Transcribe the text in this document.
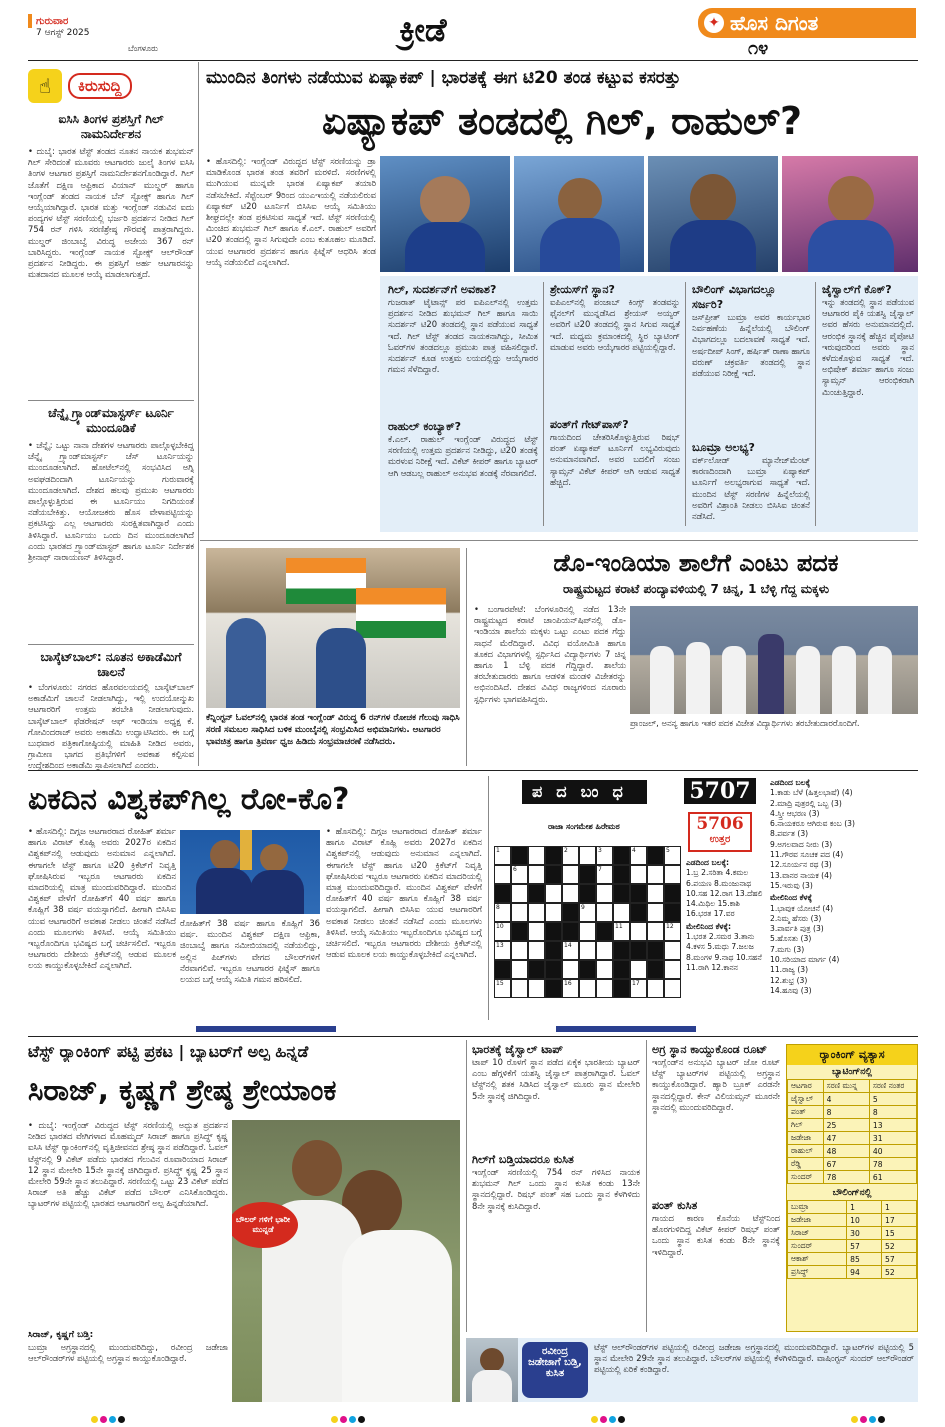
ಗುರುವಾರ
7 ಆಗಸ್ಟ್ 2025
ಬೆಂಗಳೂರು	ಕ್ರೀಡೆ	✦ ಹೊಸ ದಿಗಂತ
೧೪
☝	ಕಿರುಸುದ್ದಿ
ಐಸಿಸಿ ತಿಂಗಳ ಪ್ರಶಸ್ತಿಗೆ ಗಿಲ್ ನಾಮನಿರ್ದೇಶನ
• ದುಬೈ: ಭಾರತ ಟೆಸ್ಟ್ ತಂಡದ ನೂತನ ನಾಯಕ ಶುಭಮನ್ ಗಿಲ್ ಸೇರಿದಂತೆ ಮೂವರು ಆಟಗಾರರು ಜುಲೈ ತಿಂಗಳ ಐಸಿಸಿ ತಿಂಗಳ ಆಟಗಾರ ಪ್ರಶಸ್ತಿಗೆ ನಾಮನಿರ್ದೇಶನಗೊಂಡಿದ್ದಾರೆ. ಗಿಲ್ ಜೊತೆಗೆ ದಕ್ಷಿಣ ಆಫ್ರಿಕಾದ ವಿಯಾನ್ ಮುಲ್ಡರ್ ಹಾಗೂ ಇಂಗ್ಲೆಂಡ್ ತಂಡದ ನಾಯಕ ಬೆನ್ ಸ್ಟೋಕ್ಸ್ ಹಾಗೂ ಗಿಲ್ ಆಯ್ಕೆಯಾಗಿದ್ದಾರೆ. ಭಾರತ ಮತ್ತು ಇಂಗ್ಲೆಂಡ್ ನಡುವಿನ ಐದು ಪಂದ್ಯಗಳ ಟೆಸ್ಟ್ ಸರಣಿಯಲ್ಲಿ ಭರ್ಜರಿ ಪ್ರದರ್ಶನ ನೀಡಿದ ಗಿಲ್ 754 ರನ್ ಗಳಿಸಿ ಸರಣಿಶ್ರೇಷ್ಠ ಗೌರವಕ್ಕೆ ಪಾತ್ರರಾಗಿದ್ದರು. ಮುಲ್ಡರ್ ಜಿಂಬಾಬ್ವೆ ವಿರುದ್ಧ ಅಜೇಯ 367 ರನ್ ಬಾರಿಸಿದ್ದರು. ಇಂಗ್ಲೆಂಡ್ ನಾಯಕ ಸ್ಟೋಕ್ಸ್ ಆಲ್‌ರೌಂಡ್ ಪ್ರದರ್ಶನ ನೀಡಿದ್ದರು. ಈ ಪ್ರಶಸ್ತಿಗೆ ಅರ್ಹ ಆಟಗಾರನನ್ನು ಮತದಾನದ ಮೂಲಕ ಆಯ್ಕೆ ಮಾಡಲಾಗುತ್ತದೆ.
ಚೆನ್ನೈ ಗ್ರ್ಯಾಂಡ್‌ಮಾಸ್ಟರ್ಸ್ ಟೂರ್ನಿ ಮುಂದೂಡಿಕೆ
• ಚೆನ್ನೈ: ಒಟ್ಟು ನಾನಾ ದೇಶಗಳ ಆಟಗಾರರು ಪಾಲ್ಗೊಳ್ಳಬೇಕಿದ್ದ ಚೆನ್ನೈ ಗ್ರ್ಯಾಂಡ್‌ಮಾಸ್ಟರ್ಸ್ ಚೆಸ್ ಟೂರ್ನಿಯನ್ನು ಮುಂದೂಡಲಾಗಿದೆ. ಹೋಟೆಲ್‌ನಲ್ಲಿ ಸಂಭವಿಸಿದ ಅಗ್ನಿ ಅವಘಡದಿಂದಾಗಿ ಟೂರ್ನಿಯನ್ನು ಗುರುವಾರಕ್ಕೆ ಮುಂದೂಡಲಾಗಿದೆ. ದೇಶದ ಹಲವು ಪ್ರಮುಖ ಆಟಗಾರರು ಪಾಲ್ಗೊಳ್ಳುತ್ತಿರುವ ಈ ಟೂರ್ನಿಯು ನಿಗದಿಯಂತೆ ನಡೆಯಬೇಕಿತ್ತು. ಆಯೋಜಕರು ಹೊಸ ವೇಳಾಪಟ್ಟಿಯನ್ನು ಪ್ರಕಟಿಸಿದ್ದು ಎಲ್ಲ ಆಟಗಾರರು ಸುರಕ್ಷಿತವಾಗಿದ್ದಾರೆ ಎಂದು ತಿಳಿಸಿದ್ದಾರೆ. ಟೂರ್ನಿಯು ಒಂದು ದಿನ ಮುಂದೂಡಲಾಗಿದೆ ಎಂದು ಭಾರತದ ಗ್ರ್ಯಾಂಡ್‌ಮಾಸ್ಟರ್ ಹಾಗೂ ಟೂರ್ನಿ ನಿರ್ದೇಶಕ ಶ್ರೀನಾಥ್ ನಾರಾಯಣನ್ ತಿಳಿಸಿದ್ದಾರೆ.
ಬಾಸ್ಕೆಟ್‌ಬಾಲ್: ನೂತನ ಅಕಾಡೆಮಿಗೆ ಚಾಲನೆ
• ಬೆಂಗಳೂರು: ನಗರದ ಹೊರವಲಯದಲ್ಲಿ ಬಾಸ್ಕೆಟ್‌ಬಾಲ್ ಅಕಾಡೆಮಿಗೆ ಚಾಲನೆ ನೀಡಲಾಗಿದ್ದು, ಇಲ್ಲಿ ಉದಯೋನ್ಮುಖ ಆಟಗಾರರಿಗೆ ಉತ್ತಮ ತರಬೇತಿ ನೀಡಲಾಗುವುದು. ಬಾಸ್ಕೆಟ್‌ಬಾಲ್ ಫೆಡರೇಷನ್ ಆಫ್ ಇಂಡಿಯಾ ಅಧ್ಯಕ್ಷ ಕೆ. ಗೋವಿಂದರಾಜ್ ಅವರು ಅಕಾಡೆಮಿ ಉದ್ಘಾಟಿಸಿದರು. ಈ ಬಗ್ಗೆ ಬುಧವಾರ ಪತ್ರಿಕಾಗೋಷ್ಠಿಯಲ್ಲಿ ಮಾಹಿತಿ ನೀಡಿದ ಅವರು, ಗ್ರಾಮೀಣ ಭಾಗದ ಪ್ರತಿಭೆಗಳಿಗೆ ಅವಕಾಶ ಕಲ್ಪಿಸುವ ಉದ್ದೇಶದಿಂದ ಅಕಾಡೆಮಿ ಸ್ಥಾಪಿಸಲಾಗಿದೆ ಎಂದರು.
ಮುಂದಿನ ತಿಂಗಳು ನಡೆಯುವ ಏಷ್ಯಾಕಪ್ | ಭಾರತಕ್ಕೆ ಈಗ ಟಿ20 ತಂಡ ಕಟ್ಟುವ ಕಸರತ್ತು
ಏಷ್ಯಾಕಪ್ ತಂಡದಲ್ಲಿ ಗಿಲ್, ರಾಹುಲ್?
• ಹೊಸದಿಲ್ಲಿ: ಇಂಗ್ಲೆಂಡ್ ವಿರುದ್ಧದ ಟೆಸ್ಟ್ ಸರಣಿಯನ್ನು ಡ್ರಾ ಮಾಡಿಕೊಂಡ ಭಾರತ ತಂಡ ತವರಿಗೆ ಮರಳಿದೆ. ಸರಣಿಗಳಲ್ಲಿ ಮುಗಿಯುವ ಮುನ್ನವೇ ಭಾರತ ಏಷ್ಯಾಕಪ್ ತಯಾರಿ ನಡೆಸಬೇಕಿದೆ. ಸೆಪ್ಟೆಂಬರ್ 9ರಿಂದ ಯುಎಇಯಲ್ಲಿ ನಡೆಯಲಿರುವ ಏಷ್ಯಾಕಪ್ ಟಿ20 ಟೂರ್ನಿಗೆ ಬಿಸಿಸಿಐ ಆಯ್ಕೆ ಸಮಿತಿಯು ಶೀಘ್ರದಲ್ಲೇ ತಂಡ ಪ್ರಕಟಿಸುವ ಸಾಧ್ಯತೆ ಇದೆ. ಟೆಸ್ಟ್ ಸರಣಿಯಲ್ಲಿ ಮಿಂಚಿದ ಶುಭಮನ್ ಗಿಲ್ ಹಾಗೂ ಕೆ.ಎಲ್. ರಾಹುಲ್ ಅವರಿಗೆ ಟಿ20 ತಂಡದಲ್ಲಿ ಸ್ಥಾನ ಸಿಗುವುದೇ ಎಂಬ ಕುತೂಹಲ ಮೂಡಿದೆ. ಯುವ ಆಟಗಾರರ ಪ್ರದರ್ಶನ ಹಾಗೂ ಫಿಟ್ನೆಸ್ ಆಧರಿಸಿ ತಂಡ ಆಯ್ಕೆ ನಡೆಯಲಿದೆ ಎನ್ನಲಾಗಿದೆ.
ಗಿಲ್, ಸುದರ್ಶನ್‌ಗೆ ಅವಕಾಶ?
ಗುಜರಾತ್ ಟೈಟಾನ್ಸ್ ಪರ ಐಪಿಎಲ್‌ನಲ್ಲಿ ಉತ್ತಮ ಪ್ರದರ್ಶನ ನೀಡಿದ ಶುಭಮನ್ ಗಿಲ್ ಹಾಗೂ ಸಾಯಿ ಸುದರ್ಶನ್ ಟಿ20 ತಂಡದಲ್ಲಿ ಸ್ಥಾನ ಪಡೆಯುವ ಸಾಧ್ಯತೆ ಇದೆ. ಗಿಲ್ ಟೆಸ್ಟ್ ತಂಡದ ನಾಯಕನಾಗಿದ್ದು, ಸೀಮಿತ ಓವರ್‌ಗಳ ತಂಡದಲ್ಲೂ ಪ್ರಮುಖ ಪಾತ್ರ ವಹಿಸಲಿದ್ದಾರೆ. ಸುದರ್ಶನ್ ಕೂಡ ಉತ್ತಮ ಲಯದಲ್ಲಿದ್ದು ಆಯ್ಕೆಗಾರರ ಗಮನ ಸೆಳೆದಿದ್ದಾರೆ.
ರಾಹುಲ್ ಕಂಬ್ಯಾಕ್?
ಕೆ.ಎಲ್. ರಾಹುಲ್ ಇಂಗ್ಲೆಂಡ್ ವಿರುದ್ಧದ ಟೆಸ್ಟ್ ಸರಣಿಯಲ್ಲಿ ಉತ್ತಮ ಪ್ರದರ್ಶನ ನೀಡಿದ್ದು, ಟಿ20 ತಂಡಕ್ಕೆ ಮರಳುವ ನಿರೀಕ್ಷೆ ಇದೆ. ವಿಕೆಟ್ ಕೀಪರ್ ಹಾಗೂ ಬ್ಯಾಟರ್ ಆಗಿ ಆಡಬಲ್ಲ ರಾಹುಲ್ ಅನುಭವ ತಂಡಕ್ಕೆ ನೆರವಾಗಲಿದೆ.
ಶ್ರೇಯಸ್‌ಗೆ ಸ್ಥಾನ?
ಐಪಿಎಲ್‌ನಲ್ಲಿ ಪಂಜಾಬ್ ಕಿಂಗ್ಸ್ ತಂಡವನ್ನು ಫೈನಲ್‌ಗೆ ಮುನ್ನಡೆಸಿದ ಶ್ರೇಯಸ್ ಅಯ್ಯರ್ ಅವರಿಗೆ ಟಿ20 ತಂಡದಲ್ಲಿ ಸ್ಥಾನ ಸಿಗುವ ಸಾಧ್ಯತೆ ಇದೆ. ಮಧ್ಯಮ ಕ್ರಮಾಂಕದಲ್ಲಿ ಸ್ಥಿರ ಬ್ಯಾಟಿಂಗ್ ಮಾಡುವ ಅವರು ಆಯ್ಕೆಗಾರರ ಪಟ್ಟಿಯಲ್ಲಿದ್ದಾರೆ.
ಪಂತ್‌ಗೆ ಗೇಟ್‌ಪಾಸ್?
ಗಾಯದಿಂದ ಚೇತರಿಸಿಕೊಳ್ಳುತ್ತಿರುವ ರಿಷಭ್ ಪಂತ್ ಏಷ್ಯಾಕಪ್ ಟೂರ್ನಿಗೆ ಲಭ್ಯವಿರುವುದು ಅನುಮಾನವಾಗಿದೆ. ಅವರ ಬದಲಿಗೆ ಸಂಜು ಸ್ಯಾಮ್ಸನ್ ವಿಕೆಟ್ ಕೀಪರ್ ಆಗಿ ಆಡುವ ಸಾಧ್ಯತೆ ಹೆಚ್ಚಿದೆ.
ಬೌಲಿಂಗ್ ವಿಭಾಗದಲ್ಲೂ ಸರ್ಜರಿ?
ಜಸ್‌ಪ್ರೀತ್ ಬುಮ್ರಾ ಅವರ ಕಾರ್ಯಭಾರ ನಿರ್ವಹಣೆಯ ಹಿನ್ನೆಲೆಯಲ್ಲಿ ಬೌಲಿಂಗ್ ವಿಭಾಗದಲ್ಲೂ ಬದಲಾವಣೆ ಸಾಧ್ಯತೆ ಇದೆ. ಅರ್ಷದೀಪ್ ಸಿಂಗ್, ಹರ್ಷಿತ್ ರಾಣಾ ಹಾಗೂ ವರುಣ್ ಚಕ್ರವರ್ತಿ ತಂಡದಲ್ಲಿ ಸ್ಥಾನ ಪಡೆಯುವ ನಿರೀಕ್ಷೆ ಇದೆ.
ಬೂಮ್ರಾ ಅಲಭ್ಯ?
ವರ್ಕ್‌ಲೋಡ್ ಮ್ಯಾನೇಜ್‌ಮೆಂಟ್ ಕಾರಣದಿಂದಾಗಿ ಬುಮ್ರಾ ಏಷ್ಯಾಕಪ್ ಟೂರ್ನಿಗೆ ಅಲಭ್ಯರಾಗುವ ಸಾಧ್ಯತೆ ಇದೆ. ಮುಂದಿನ ಟೆಸ್ಟ್ ಸರಣಿಗಳ ಹಿನ್ನೆಲೆಯಲ್ಲಿ ಅವರಿಗೆ ವಿಶ್ರಾಂತಿ ನೀಡಲು ಬಿಸಿಸಿಐ ಚಿಂತನೆ ನಡೆಸಿದೆ.
ಜೈಸ್ವಾಲ್‌ಗೆ ಕೊಕ್?
ಇನ್ನು ತಂಡದಲ್ಲಿ ಸ್ಥಾನ ಪಡೆಯುವ ಆಟಗಾರರ ಪೈಕಿ ಯಶಸ್ವಿ ಜೈಸ್ವಾಲ್ ಅವರ ಹೆಸರು ಅನುಮಾನದಲ್ಲಿದೆ. ಆರಂಭಿಕ ಸ್ಥಾನಕ್ಕೆ ಹೆಚ್ಚಿನ ಪೈಪೋಟಿ ಇರುವುದರಿಂದ ಅವರು ಸ್ಥಾನ ಕಳೆದುಕೊಳ್ಳುವ ಸಾಧ್ಯತೆ ಇದೆ. ಅಭಿಷೇಕ್ ಶರ್ಮಾ ಹಾಗೂ ಸಂಜು ಸ್ಯಾಮ್ಸನ್ ಆರಂಭಿಕರಾಗಿ ಮಿಂಚುತ್ತಿದ್ದಾರೆ.
ಕೆನ್ನಿಂಗ್ಟನ್ ಓವಲ್‌ನಲ್ಲಿ ಭಾರತ ತಂಡ ಇಂಗ್ಲೆಂಡ್ ವಿರುದ್ಧ 6 ರನ್‌ಗಳ ರೋಚಕ ಗೆಲುವು ಸಾಧಿಸಿ ಸರಣಿ ಸಮಬಲ ಸಾಧಿಸಿದ ಬಳಿಕ ಮುಂಬೈನಲ್ಲಿ ಸಂಭ್ರಮಿಸಿದ ಅಭಿಮಾನಿಗಳು. ಆಟಗಾರರ ಭಾವಚಿತ್ರ ಹಾಗೂ ತ್ರಿವರ್ಣ ಧ್ವಜ ಹಿಡಿದು ಸಂಭ್ರಮಾಚರಣೆ ನಡೆಸಿದರು.
ಡೊ-ಇಂಡಿಯಾ ಶಾಲೆಗೆ ಎಂಟು ಪದಕ
ರಾಷ್ಟ್ರಮಟ್ಟದ ಕರಾಟೆ ಪಂದ್ಯಾವಳಿಯಲ್ಲಿ 7 ಚಿನ್ನ, 1 ಬೆಳ್ಳಿ ಗೆದ್ದ ಮಕ್ಕಳು
• ಬಂಗಾರಪೇಟೆ: ಬೆಂಗಳೂರಿನಲ್ಲಿ ನಡೆದ 13ನೇ ರಾಷ್ಟ್ರಮಟ್ಟದ ಕರಾಟೆ ಚಾಂಪಿಯನ್‌ಷಿಪ್‌ನಲ್ಲಿ ಡೊ-ಇಂಡಿಯಾ ಶಾಲೆಯ ಮಕ್ಕಳು ಒಟ್ಟು ಎಂಟು ಪದಕ ಗೆದ್ದು ಸಾಧನೆ ಮೆರೆದಿದ್ದಾರೆ. ವಿವಿಧ ವಯೋಮಿತಿ ಹಾಗೂ ತೂಕದ ವಿಭಾಗಗಳಲ್ಲಿ ಸ್ಪರ್ಧಿಸಿದ ವಿದ್ಯಾರ್ಥಿಗಳು 7 ಚಿನ್ನ ಹಾಗೂ 1 ಬೆಳ್ಳಿ ಪದಕ ಗೆದ್ದಿದ್ದಾರೆ. ಶಾಲೆಯ ತರಬೇತುದಾರರು ಹಾಗೂ ಆಡಳಿತ ಮಂಡಳಿ ವಿಜೇತರನ್ನು ಅಭಿನಂದಿಸಿದೆ. ದೇಶದ ವಿವಿಧ ರಾಜ್ಯಗಳಿಂದ ನೂರಾರು ಸ್ಪರ್ಧಿಗಳು ಭಾಗವಹಿಸಿದ್ದರು.
ಪ್ರಾಂಜಲ್, ಅನನ್ಯ ಹಾಗೂ ಇತರ ಪದಕ ವಿಜೇತ ವಿದ್ಯಾರ್ಥಿಗಳು ತರಬೇತುದಾರರೊಂದಿಗೆ.
ಏಕದಿನ ವಿಶ್ವಕಪ್‌ಗಿಲ್ಲ ರೋ-ಕೊ?
• ಹೊಸದಿಲ್ಲಿ: ದಿಗ್ಗಜ ಆಟಗಾರರಾದ ರೋಹಿತ್ ಶರ್ಮಾ ಹಾಗೂ ವಿರಾಟ್ ಕೊಹ್ಲಿ ಅವರು 2027ರ ಏಕದಿನ ವಿಶ್ವಕಪ್‌ನಲ್ಲಿ ಆಡುವುದು ಅನುಮಾನ ಎನ್ನಲಾಗಿದೆ. ಈಗಾಗಲೇ ಟೆಸ್ಟ್ ಹಾಗೂ ಟಿ20 ಕ್ರಿಕೆಟ್‌ಗೆ ನಿವೃತ್ತಿ ಘೋಷಿಸಿರುವ ಇಬ್ಬರೂ ಆಟಗಾರರು ಏಕದಿನ ಮಾದರಿಯಲ್ಲಿ ಮಾತ್ರ ಮುಂದುವರಿದಿದ್ದಾರೆ. ಮುಂದಿನ ವಿಶ್ವಕಪ್ ವೇಳೆಗೆ ರೋಹಿತ್‌ಗೆ 40 ವರ್ಷ ಹಾಗೂ ಕೊಹ್ಲಿಗೆ 38 ವರ್ಷ ವಯಸ್ಸಾಗಲಿದೆ. ಹೀಗಾಗಿ ಬಿಸಿಸಿಐ ಯುವ ಆಟಗಾರರಿಗೆ ಅವಕಾಶ ನೀಡಲು ಚಿಂತನೆ ನಡೆಸಿದೆ ಎಂದು ಮೂಲಗಳು ತಿಳಿಸಿವೆ. ಆಯ್ಕೆ ಸಮಿತಿಯು ಇಬ್ಬರೊಂದಿಗೂ ಭವಿಷ್ಯದ ಬಗ್ಗೆ ಚರ್ಚಿಸಲಿದೆ. ಇಬ್ಬರೂ ಆಟಗಾರರು ದೇಶೀಯ ಕ್ರಿಕೆಟ್‌ನಲ್ಲಿ ಆಡುವ ಮೂಲಕ ಲಯ ಕಾಯ್ದುಕೊಳ್ಳಬೇಕಿದೆ ಎನ್ನಲಾಗಿದೆ.
ರೋಹಿತ್‌ಗೆ 38 ವರ್ಷ ಹಾಗೂ ಕೊಹ್ಲಿಗೆ 36 ವರ್ಷ. ಮುಂದಿನ ವಿಶ್ವಕಪ್ ದಕ್ಷಿಣ ಆಫ್ರಿಕಾ, ಜಿಂಬಾಬ್ವೆ ಹಾಗೂ ನಮೀಬಿಯಾದಲ್ಲಿ ನಡೆಯಲಿದ್ದು, ಅಲ್ಲಿನ ಪಿಚ್‌ಗಳು ವೇಗದ ಬೌಲರ್‌ಗಳಿಗೆ ನೆರವಾಗಲಿವೆ. ಇಬ್ಬರೂ ಆಟಗಾರರ ಫಿಟ್ನೆಸ್ ಹಾಗೂ ಲಯದ ಬಗ್ಗೆ ಆಯ್ಕೆ ಸಮಿತಿ ಗಮನ ಹರಿಸಲಿದೆ.
• ಹೊಸದಿಲ್ಲಿ: ದಿಗ್ಗಜ ಆಟಗಾರರಾದ ರೋಹಿತ್ ಶರ್ಮಾ ಹಾಗೂ ವಿರಾಟ್ ಕೊಹ್ಲಿ ಅವರು 2027ರ ಏಕದಿನ ವಿಶ್ವಕಪ್‌ನಲ್ಲಿ ಆಡುವುದು ಅನುಮಾನ ಎನ್ನಲಾಗಿದೆ. ಈಗಾಗಲೇ ಟೆಸ್ಟ್ ಹಾಗೂ ಟಿ20 ಕ್ರಿಕೆಟ್‌ಗೆ ನಿವೃತ್ತಿ ಘೋಷಿಸಿರುವ ಇಬ್ಬರೂ ಆಟಗಾರರು ಏಕದಿನ ಮಾದರಿಯಲ್ಲಿ ಮಾತ್ರ ಮುಂದುವರಿದಿದ್ದಾರೆ. ಮುಂದಿನ ವಿಶ್ವಕಪ್ ವೇಳೆಗೆ ರೋಹಿತ್‌ಗೆ 40 ವರ್ಷ ಹಾಗೂ ಕೊಹ್ಲಿಗೆ 38 ವರ್ಷ ವಯಸ್ಸಾಗಲಿದೆ. ಹೀಗಾಗಿ ಬಿಸಿಸಿಐ ಯುವ ಆಟಗಾರರಿಗೆ ಅವಕಾಶ ನೀಡಲು ಚಿಂತನೆ ನಡೆಸಿದೆ ಎಂದು ಮೂಲಗಳು ತಿಳಿಸಿವೆ. ಆಯ್ಕೆ ಸಮಿತಿಯು ಇಬ್ಬರೊಂದಿಗೂ ಭವಿಷ್ಯದ ಬಗ್ಗೆ ಚರ್ಚಿಸಲಿದೆ. ಇಬ್ಬರೂ ಆಟಗಾರರು ದೇಶೀಯ ಕ್ರಿಕೆಟ್‌ನಲ್ಲಿ ಆಡುವ ಮೂಲಕ ಲಯ ಕಾಯ್ದುಕೊಳ್ಳಬೇಕಿದೆ ಎನ್ನಲಾಗಿದೆ.
ಪದಬಂಧ	5707
5706
ಉತ್ತರ
ರಾಜಾ ಸಂಗಮೇಶ ಹಿರೇಮಠ
1	2	3	4	5
6	7
8	9
10	11	12
13	14
15	16	17
ಎಡದಿಂದ ಬಲಕ್ಕೆ:
1.ಬ್ರ 2.ಸರಿತಾ 4.ಕಮಲ 6.ಪಯಣ 8.ಮಂಜುನಾಥ 10.ಸಹ 12.ರಾಗ 13.ದೆಹಲಿ 14.ಮಿಥಿಲ 15.ಕಾಶಿ 16.ಭರತ 17.ವರ
ಮೇಲಿನಿಂದ ಕೆಳಕ್ಕೆ:
1.ಭರತ 2.ಸಮರ 3.ತಾನು 4.ಕಳಸ 5.ಮಧು 7.ಜಲಜ 8.ಮಂಗಳ 9.ನಾಥ 10.ಸಹನೆ 11.ರಾಗಿ 12.ಕಾನನ
ಎಡದಿಂದ ಬಲಕ್ಕೆ
1.ಕಾಡು ಬೆಳೆ (ಹಿತ್ತಲಭಾಷೆ) (4)
2.ಮಾದ್ರಿ ಪುತ್ರರಲ್ಲಿ ಒಬ್ಬ (3)
4.ಸ್ತ್ರೀ ಆಭರಣ (3)
6.ನಾಯಕರೂ ಆಗಿರುವ ಕಂಬ (3)
8.ಪರ್ವತ (3)
9.ಅಗಲವಾದ ನೀರು (3)
11.ಗೌರವ ಸೂಚಕ ಪದ (4)
12.ಸೂರ್ಯನ ರಥ (3)
13.ವಾನರ ನಾಯಕ (4)
15.ಇರುವು (3)
ಮೇಲಿನಿಂದ ಕೆಳಕ್ಕೆ
1.ಭಾವುಕ ಯೋಚನೆ (4)
2.ನಿಮ್ಮ ಹೆಸರು (3)
3.ಪಾರ್ವತಿ ಪುತ್ರ (3)
5.ಹೊಸತು (3)
7.ಮಗು (3)
10.ಸರಿಯಾದ ಮಾರ್ಗ (4)
11.ರಾಜ್ಯ (3)
12.ಶುಭ್ರ (3)
14.ಹೂವು (3)
ಟೆಸ್ಟ್ ರ್‍ಯಾಂಕಿಂಗ್ ಪಟ್ಟಿ ಪ್ರಕಟ | ಬ್ಯಾಟರ್‌ಗೆ ಅಲ್ಪ ಹಿನ್ನಡೆ
ಸಿರಾಜ್, ಕೃಷ್ಣಗೆ ಶ್ರೇಷ್ಠ ಶ್ರೇಯಾಂಕ
• ದುಬೈ: ಇಂಗ್ಲೆಂಡ್ ವಿರುದ್ಧದ ಟೆಸ್ಟ್ ಸರಣಿಯಲ್ಲಿ ಅದ್ಭುತ ಪ್ರದರ್ಶನ ನೀಡಿದ ಭಾರತದ ವೇಗಿಗಳಾದ ಮೊಹಮ್ಮದ್ ಸಿರಾಜ್ ಹಾಗೂ ಪ್ರಸಿದ್ಧ್ ಕೃಷ್ಣ ಐಸಿಸಿ ಟೆಸ್ಟ್ ರ್‍ಯಾಂಕಿಂಗ್‌ನಲ್ಲಿ ವೃತ್ತಿಜೀವನದ ಶ್ರೇಷ್ಠ ಸ್ಥಾನ ಪಡೆದಿದ್ದಾರೆ. ಓವಲ್ ಟೆಸ್ಟ್‌ನಲ್ಲಿ 9 ವಿಕೆಟ್ ಪಡೆದು ಭಾರತದ ಗೆಲುವಿನ ರೂವಾರಿಯಾದ ಸಿರಾಜ್ 12 ಸ್ಥಾನ ಮೇಲೇರಿ 15ನೇ ಸ್ಥಾನಕ್ಕೆ ಜಿಗಿದಿದ್ದಾರೆ. ಪ್ರಸಿದ್ಧ್ ಕೃಷ್ಣ 25 ಸ್ಥಾನ ಮೇಲೇರಿ 59ನೇ ಸ್ಥಾನ ತಲುಪಿದ್ದಾರೆ. ಸರಣಿಯಲ್ಲಿ ಒಟ್ಟು 23 ವಿಕೆಟ್ ಪಡೆದ ಸಿರಾಜ್ ಅತಿ ಹೆಚ್ಚು ವಿಕೆಟ್ ಪಡೆದ ಬೌಲರ್ ಎನಿಸಿಕೊಂಡಿದ್ದರು. ಬ್ಯಾಟರ್‌ಗಳ ಪಟ್ಟಿಯಲ್ಲಿ ಭಾರತದ ಆಟಗಾರರಿಗೆ ಅಲ್ಪ ಹಿನ್ನಡೆಯಾಗಿದೆ.
ಸಿರಾಜ್, ಕೃಷ್ಣಗೆ ಬಡ್ತಿ:
ಬುಮ್ರಾ ಅಗ್ರಸ್ಥಾನದಲ್ಲಿ ಮುಂದುವರಿದಿದ್ದು, ರವೀಂದ್ರ ಜಡೇಜಾ ಆಲ್‌ರೌಂಡರ್‌ಗಳ ಪಟ್ಟಿಯಲ್ಲಿ ಅಗ್ರಸ್ಥಾನ ಕಾಯ್ದುಕೊಂಡಿದ್ದಾರೆ.
ಬೌಲರ್ ಗಳಿಗೆ ಭಾರೀ ಮುನ್ನಡೆ
ಭಾರತಕ್ಕೆ ಜೈಸ್ವಾಲ್ ಟಾಪ್
ಟಾಪ್ 10 ರೊಳಗೆ ಸ್ಥಾನ ಪಡೆದ ಏಕೈಕ ಭಾರತೀಯ ಬ್ಯಾಟರ್ ಎಂಬ ಹೆಗ್ಗಳಿಕೆಗೆ ಯಶಸ್ವಿ ಜೈಸ್ವಾಲ್ ಪಾತ್ರರಾಗಿದ್ದಾರೆ. ಓವಲ್ ಟೆಸ್ಟ್‌ನಲ್ಲಿ ಶತಕ ಸಿಡಿಸಿದ ಜೈಸ್ವಾಲ್ ಮೂರು ಸ್ಥಾನ ಮೇಲೇರಿ 5ನೇ ಸ್ಥಾನಕ್ಕೆ ಜಿಗಿದಿದ್ದಾರೆ.
ಗಿಲ್‌ಗೆ ಬಡ್ತಿಯಾದರೂ ಕುಸಿತ
ಇಂಗ್ಲೆಂಡ್ ಸರಣಿಯಲ್ಲಿ 754 ರನ್ ಗಳಿಸಿದ ನಾಯಕ ಶುಭಮನ್ ಗಿಲ್ ಒಂದು ಸ್ಥಾನ ಕುಸಿತ ಕಂಡು 13ನೇ ಸ್ಥಾನದಲ್ಲಿದ್ದಾರೆ. ರಿಷಭ್ ಪಂತ್ ಸಹ ಒಂದು ಸ್ಥಾನ ಕೆಳಗಿಳಿದು 8ನೇ ಸ್ಥಾನಕ್ಕೆ ಕುಸಿದಿದ್ದಾರೆ.
ಅಗ್ರ ಸ್ಥಾನ ಕಾಯ್ದುಕೊಂಡ ರೂಟ್
ಇಂಗ್ಲೆಂಡ್‌ನ ಅನುಭವಿ ಬ್ಯಾಟರ್ ಜೋ ರೂಟ್ ಟೆಸ್ಟ್ ಬ್ಯಾಟರ್‌ಗಳ ಪಟ್ಟಿಯಲ್ಲಿ ಅಗ್ರಸ್ಥಾನ ಕಾಯ್ದುಕೊಂಡಿದ್ದಾರೆ. ಹ್ಯಾರಿ ಬ್ರೂಕ್ ಎರಡನೇ ಸ್ಥಾನದಲ್ಲಿದ್ದಾರೆ. ಕೇನ್ ವಿಲಿಯಮ್ಸನ್ ಮೂರನೇ ಸ್ಥಾನದಲ್ಲಿ ಮುಂದುವರಿದಿದ್ದಾರೆ.
ಪಂತ್ ಕುಸಿತ
ಗಾಯದ ಕಾರಣ ಕೊನೆಯ ಟೆಸ್ಟ್‌ನಿಂದ ಹೊರಗುಳಿದಿದ್ದ ವಿಕೆಟ್ ಕೀಪರ್ ರಿಷಭ್ ಪಂತ್ ಒಂದು ಸ್ಥಾನ ಕುಸಿತ ಕಂಡು 8ನೇ ಸ್ಥಾನಕ್ಕೆ ಇಳಿದಿದ್ದಾರೆ.
ರ್‍ಯಾಂಕಿಂಗ್ ವ್ಯತ್ಯಾಸ
ಬ್ಯಾಟಿಂಗ್‌ನಲ್ಲಿ
ಆಟಗಾರ	ಸರಣಿ ಮುನ್ನ	ಸರಣಿ ನಂತರ
ಜೈಸ್ವಾಲ್	4	5
ಪಂತ್	8	8
ಗಿಲ್	25	13
ಜಡೇಜಾ	47	31
ರಾಹುಲ್	48	40
ರೆಡ್ಡಿ	67	78
ಸುಂದರ್	78	61
ಬೌಲಿಂಗ್‌ನಲ್ಲಿ
ಬುಮ್ರಾ	1	1
ಜಡೇಜಾ	10	17
ಸಿರಾಜ್	30	15
ಸುಂದರ್	57	52
ಆಕಾಶ್	85	57
ಪ್ರಸಿದ್ಧ್	94	52
ರವೀಂದ್ರ ಜಡೇಜಾಗೆ ಬಡ್ತಿ, ಕುಸಿತ
ಟೆಸ್ಟ್ ಆಲ್‌ರೌಂಡರ್‌ಗಳ ಪಟ್ಟಿಯಲ್ಲಿ ರವೀಂದ್ರ ಜಡೇಜಾ ಅಗ್ರಸ್ಥಾನದಲ್ಲಿ ಮುಂದುವರಿದಿದ್ದಾರೆ. ಬ್ಯಾಟರ್‌ಗಳ ಪಟ್ಟಿಯಲ್ಲಿ 5 ಸ್ಥಾನ ಮೇಲೇರಿ 29ನೇ ಸ್ಥಾನ ತಲುಪಿದ್ದಾರೆ. ಬೌಲರ್‌ಗಳ ಪಟ್ಟಿಯಲ್ಲಿ ಕೆಳಗಿಳಿದಿದ್ದಾರೆ. ವಾಷಿಂಗ್ಟನ್ ಸುಂದರ್ ಆಲ್‌ರೌಂಡರ್ ಪಟ್ಟಿಯಲ್ಲಿ ಏರಿಕೆ ಕಂಡಿದ್ದಾರೆ.
